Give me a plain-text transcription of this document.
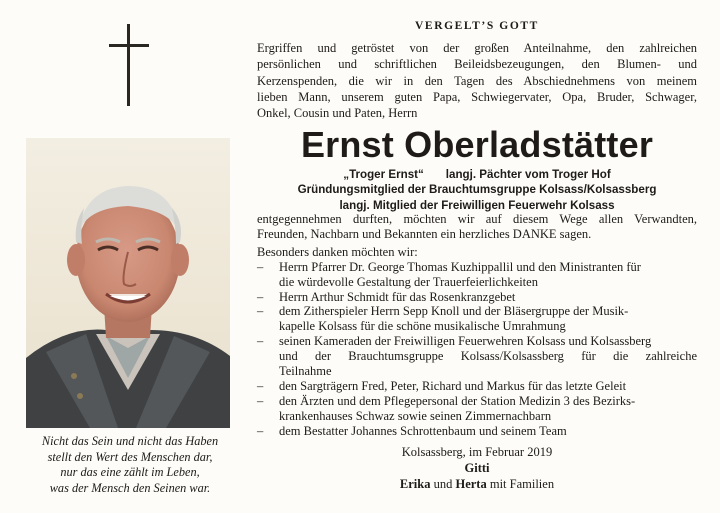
Nicht das Sein und nicht das Haben
stellt den Wert des Menschen dar,
nur das eine zählt im Leben,
was der Mensch den Seinen war.
VERGELT’S GOTT
Ergriffen und getröstet von der großen Anteilnahme, den zahlreichen
persönlichen und schriftlichen Beileidsbezeugungen, den Blumen- und
Kerzenspenden, die wir in den Tagen des Abschiednehmens von meinem
lieben Mann, unserem guten Papa, Schwiegervater, Opa, Bruder, Schwager,
Onkel, Cousin und Paten, Herrn
Ernst Oberladstätter
„Troger Ernst“ langj. Pächter vom Troger Hof
Gründungsmitglied der Brauchtumsgruppe Kolsass/Kolsassberg
langj. Mitglied der Freiwilligen Feuerwehr Kolsass
entgegennehmen durften, möchten wir auf diesem Wege allen Verwandten,
Freunden, Nachbarn und Bekannten ein herzliches DANKE sagen.
Besonders danken möchten wir:
– Herrn Pfarrer Dr. George Thomas Kuzhippallil und den Ministranten für
die würdevolle Gestaltung der Trauerfeierlichkeiten
– Herrn Arthur Schmidt für das Rosenkranzgebet
– dem Zitherspieler Herrn Sepp Knoll und der Bläsergruppe der Musik-
kapelle Kolsass für die schöne musikalische Umrahmung
– seinen Kameraden der Freiwilligen Feuerwehren Kolsass und Kolsassberg
und der Brauchtumsgruppe Kolsass/Kolsassberg für die zahlreiche
Teilnahme
– den Sargträgern Fred, Peter, Richard und Markus für das letzte Geleit
– den Ärzten und dem Pflegepersonal der Station Medizin 3 des Bezirks-
krankenhauses Schwaz sowie seinen Zimmernachbarn
– dem Bestatter Johannes Schrottenbaum und seinem Team
Kolsassberg, im Februar 2019
Gitti
Erika und Herta mit Familien
